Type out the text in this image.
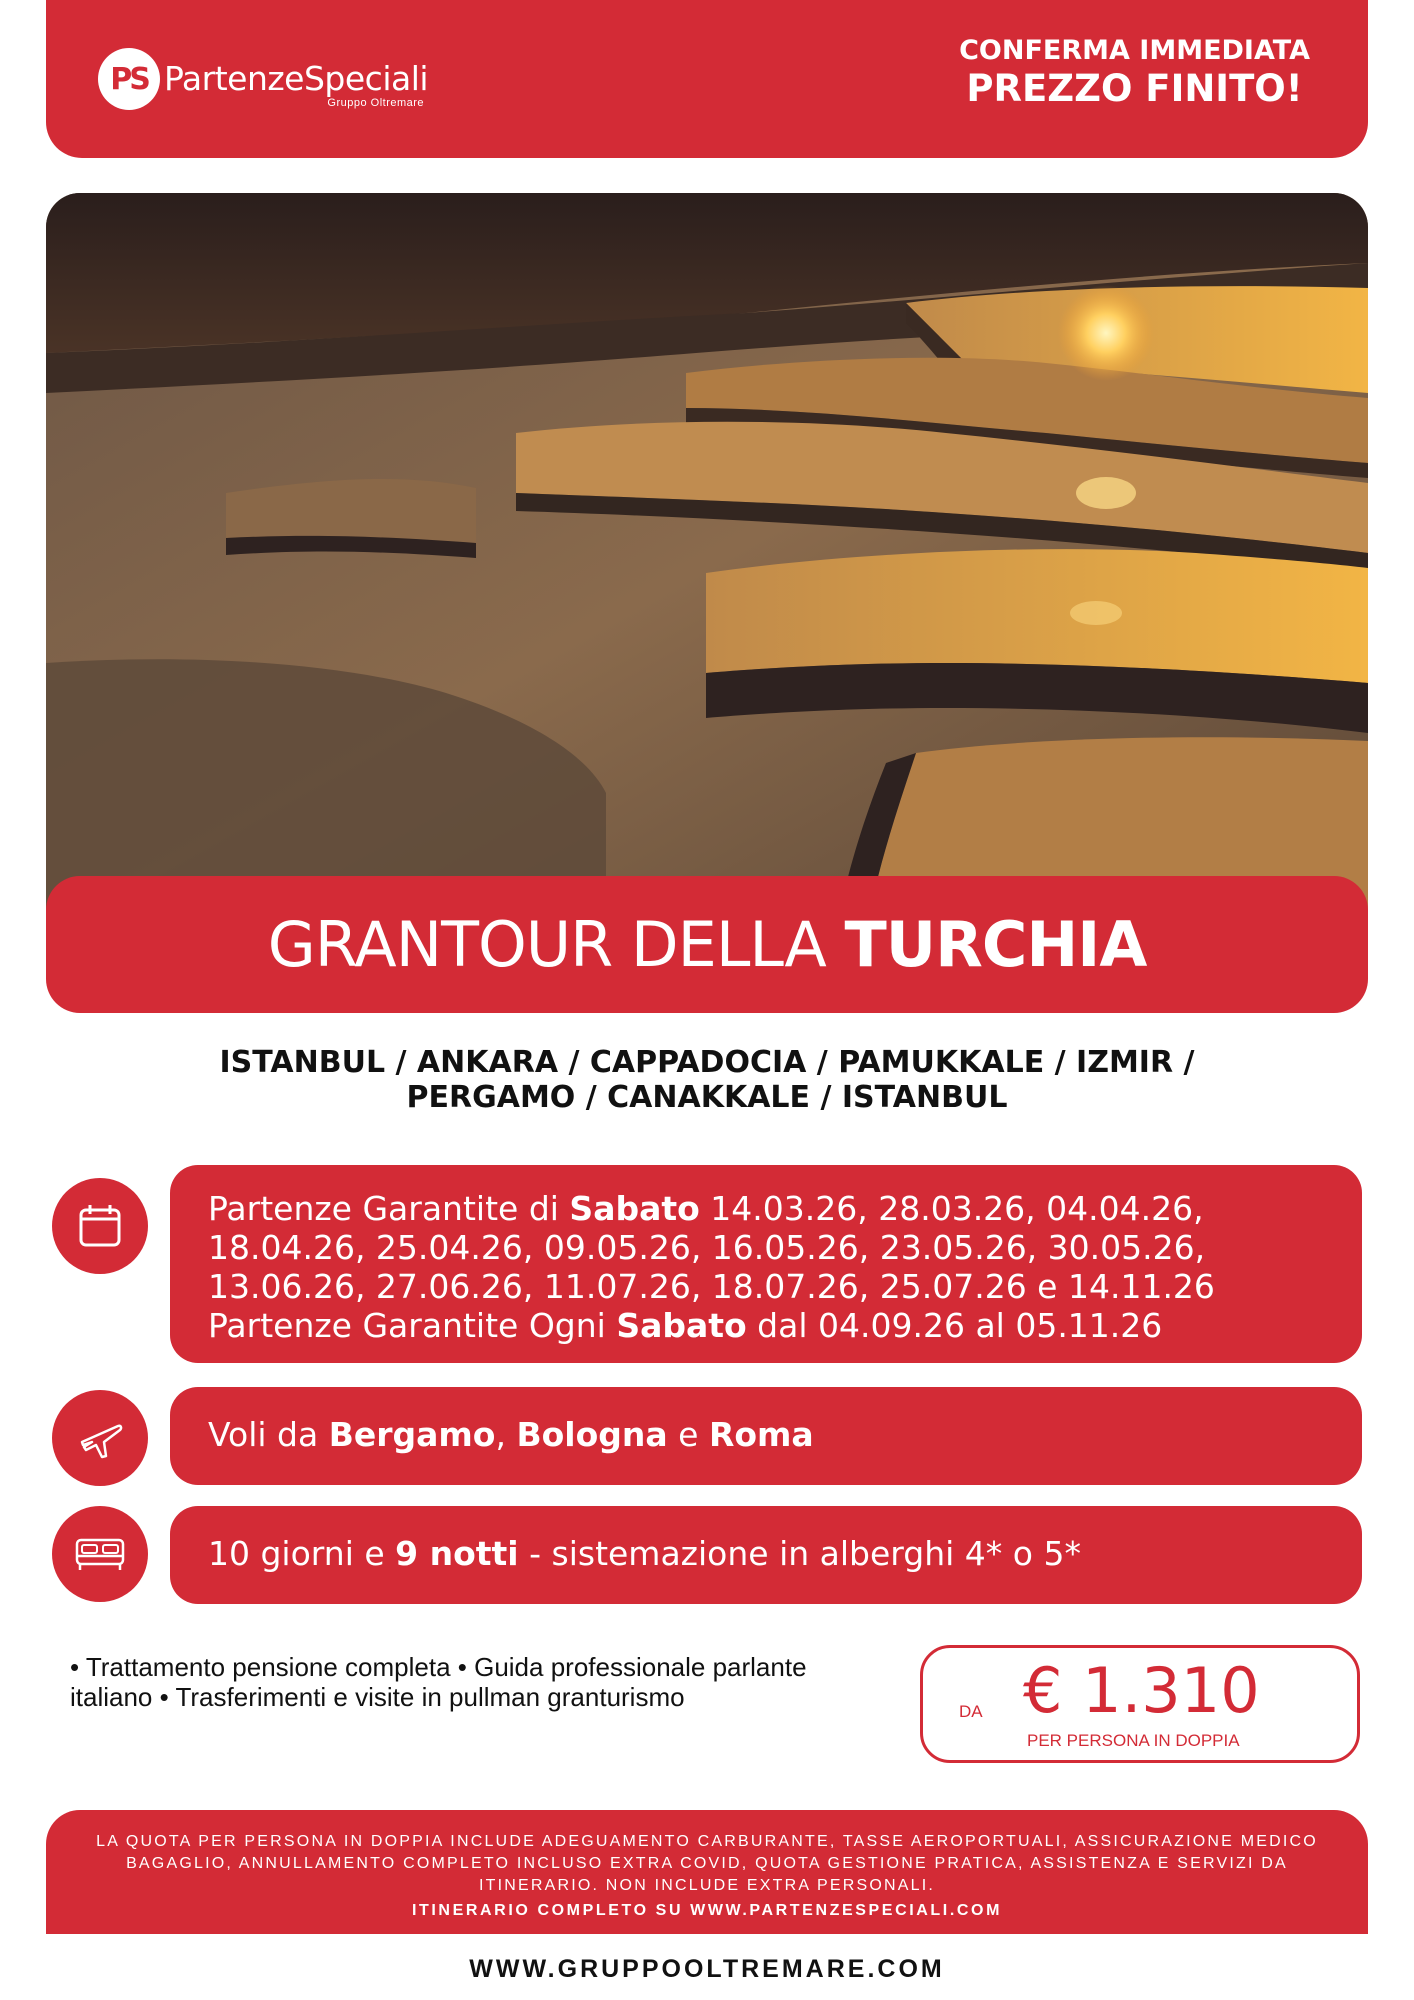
PS PartenzeSpeciali
Gruppo Oltremare
CONFERMA IMMEDIATA
PREZZO FINITO!
GRANTOUR DELLA TURCHIA
ISTANBUL / ANKARA / CAPPADOCIA / PAMUKKALE / IZMIR /
PERGAMO / CANAKKALE / ISTANBUL
Partenze Garantite di Sabato 14.03.26, 28.03.26, 04.04.26,
18.04.26, 25.04.26, 09.05.26, 16.05.26, 23.05.26, 30.05.26,
13.06.26, 27.06.26, 11.07.26, 18.07.26, 25.07.26 e 14.11.26
Partenze Garantite Ogni Sabato dal 04.09.26 al 05.11.26
Voli da Bergamo, Bologna e Roma
10 giorni e 9 notti - sistemazione in alberghi 4* o 5*
• Trattamento pensione completa • Guida professionale parlante italiano • Trasferimenti e visite in pullman granturismo	DA € 1.310
PER PERSONA IN DOPPIA
LA QUOTA PER PERSONA IN DOPPIA INCLUDE ADEGUAMENTO CARBURANTE, TASSE AEROPORTUALI, ASSICURAZIONE MEDICO BAGAGLIO, ANNULLAMENTO COMPLETO INCLUSO EXTRA COVID, QUOTA GESTIONE PRATICA, ASSISTENZA E SERVIZI DA ITINERARIO. NON INCLUDE EXTRA PERSONALI.
ITINERARIO COMPLETO SU WWW.PARTENZESPECIALI.COM
WWW.GRUPPOOLTREMARE.COM
